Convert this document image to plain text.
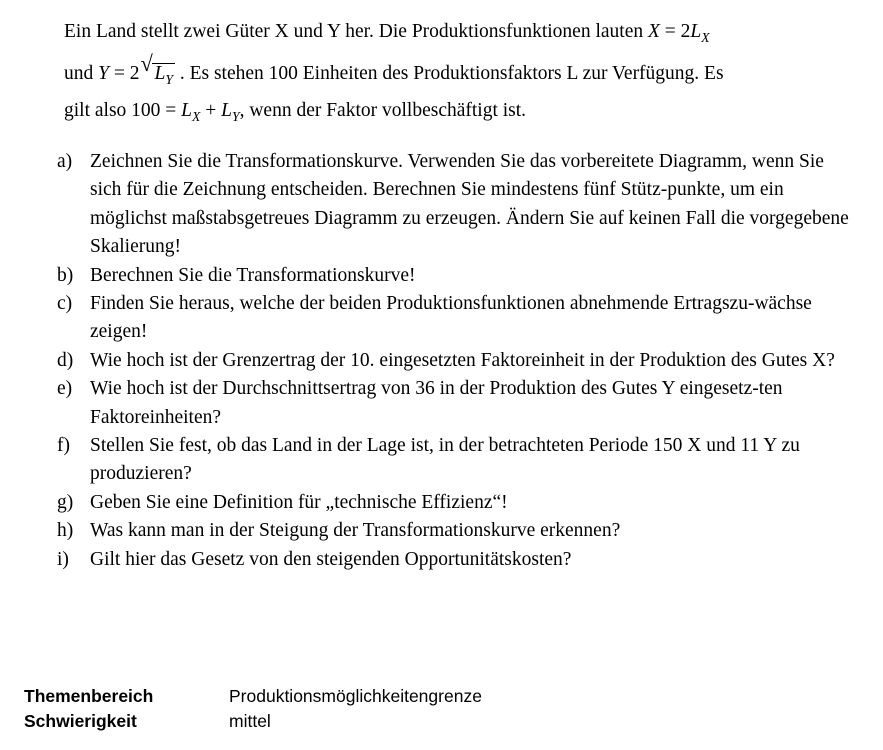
Ein Land stellt zwei Güter X und Y her. Die Produktionsfunktionen lauten $X = 2L_X$

und Y = 2 √ $L_Y$ . Es stehen 100 Einheiten des Produktionsfaktors L zur Verfügung. Es

gilt also $100 = L_X + L_Y$, wenn der Faktor vollbeschäftigt ist.

a) Zeichnen Sie die Transformationskurve. Verwenden Sie das vorbereitete Diagramm, wenn Sie sich für die Zeichnung entscheiden. Berechnen Sie mindestens fünf Stütz-punkte, um ein möglichst maßstabsgetreues Diagramm zu erzeugen. Ändern Sie auf keinen Fall die vorgegebene Skalierung!
b) Berechnen Sie die Transformationskurve!
c) Finden Sie heraus, welche der beiden Produktionsfunktionen abnehmende Ertragszu-wächse zeigen!
d) Wie hoch ist der Grenzertrag der 10. eingesetzten Faktoreinheit in der Produktion des Gutes X?
e) Wie hoch ist der Durchschnittsertrag von 36 in der Produktion des Gutes Y eingesetz-ten Faktoreinheiten?
f)	Stellen Sie fest, ob das Land in der Lage ist, in der betrachteten Periode 150 X und 11 Y zu produzieren?
g) Geben Sie eine Definition für „technische Effizienz“!
h) Was kann man in der Steigung der Transformationskurve erkennen?
i)	Gilt hier das Gesetz von den steigenden Opportunitätskosten?
Themenbereich	Produktionsmöglichkeitengrenze
Schwierigkeit	mittel
